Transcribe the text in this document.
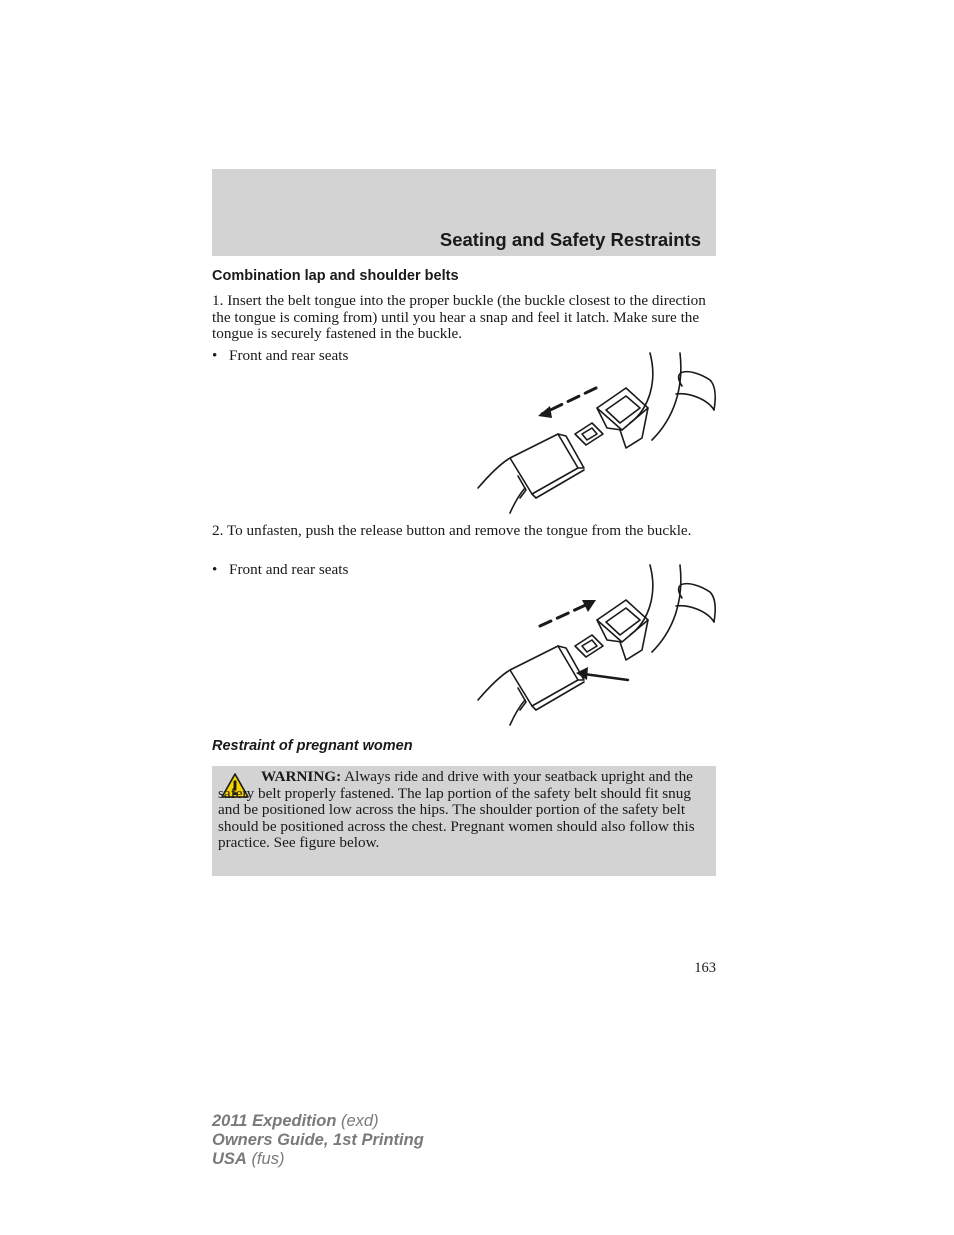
Seating and Safety Restraints
Combination lap and shoulder belts

1. Insert the belt tongue into the proper buckle (the buckle closest to the direction the tongue is coming from) until you hear a snap and feel it latch. Make sure the tongue is securely fastened in the buckle.

• Front and rear seats

2. To unfasten, push the release button and remove the tongue from the buckle.

• Front and rear seats
Restraint of pregnant women

WARNING: Always ride and drive with your seatback upright and the safety belt properly fastened. The lap portion of the safety belt should fit snug and be positioned low across the hips. The shoulder portion of the safety belt should be positioned across the chest. Pregnant women should also follow this practice. See figure below.

163
2011 Expedition (exd)
Owners Guide, 1st Printing
USA (fus)
